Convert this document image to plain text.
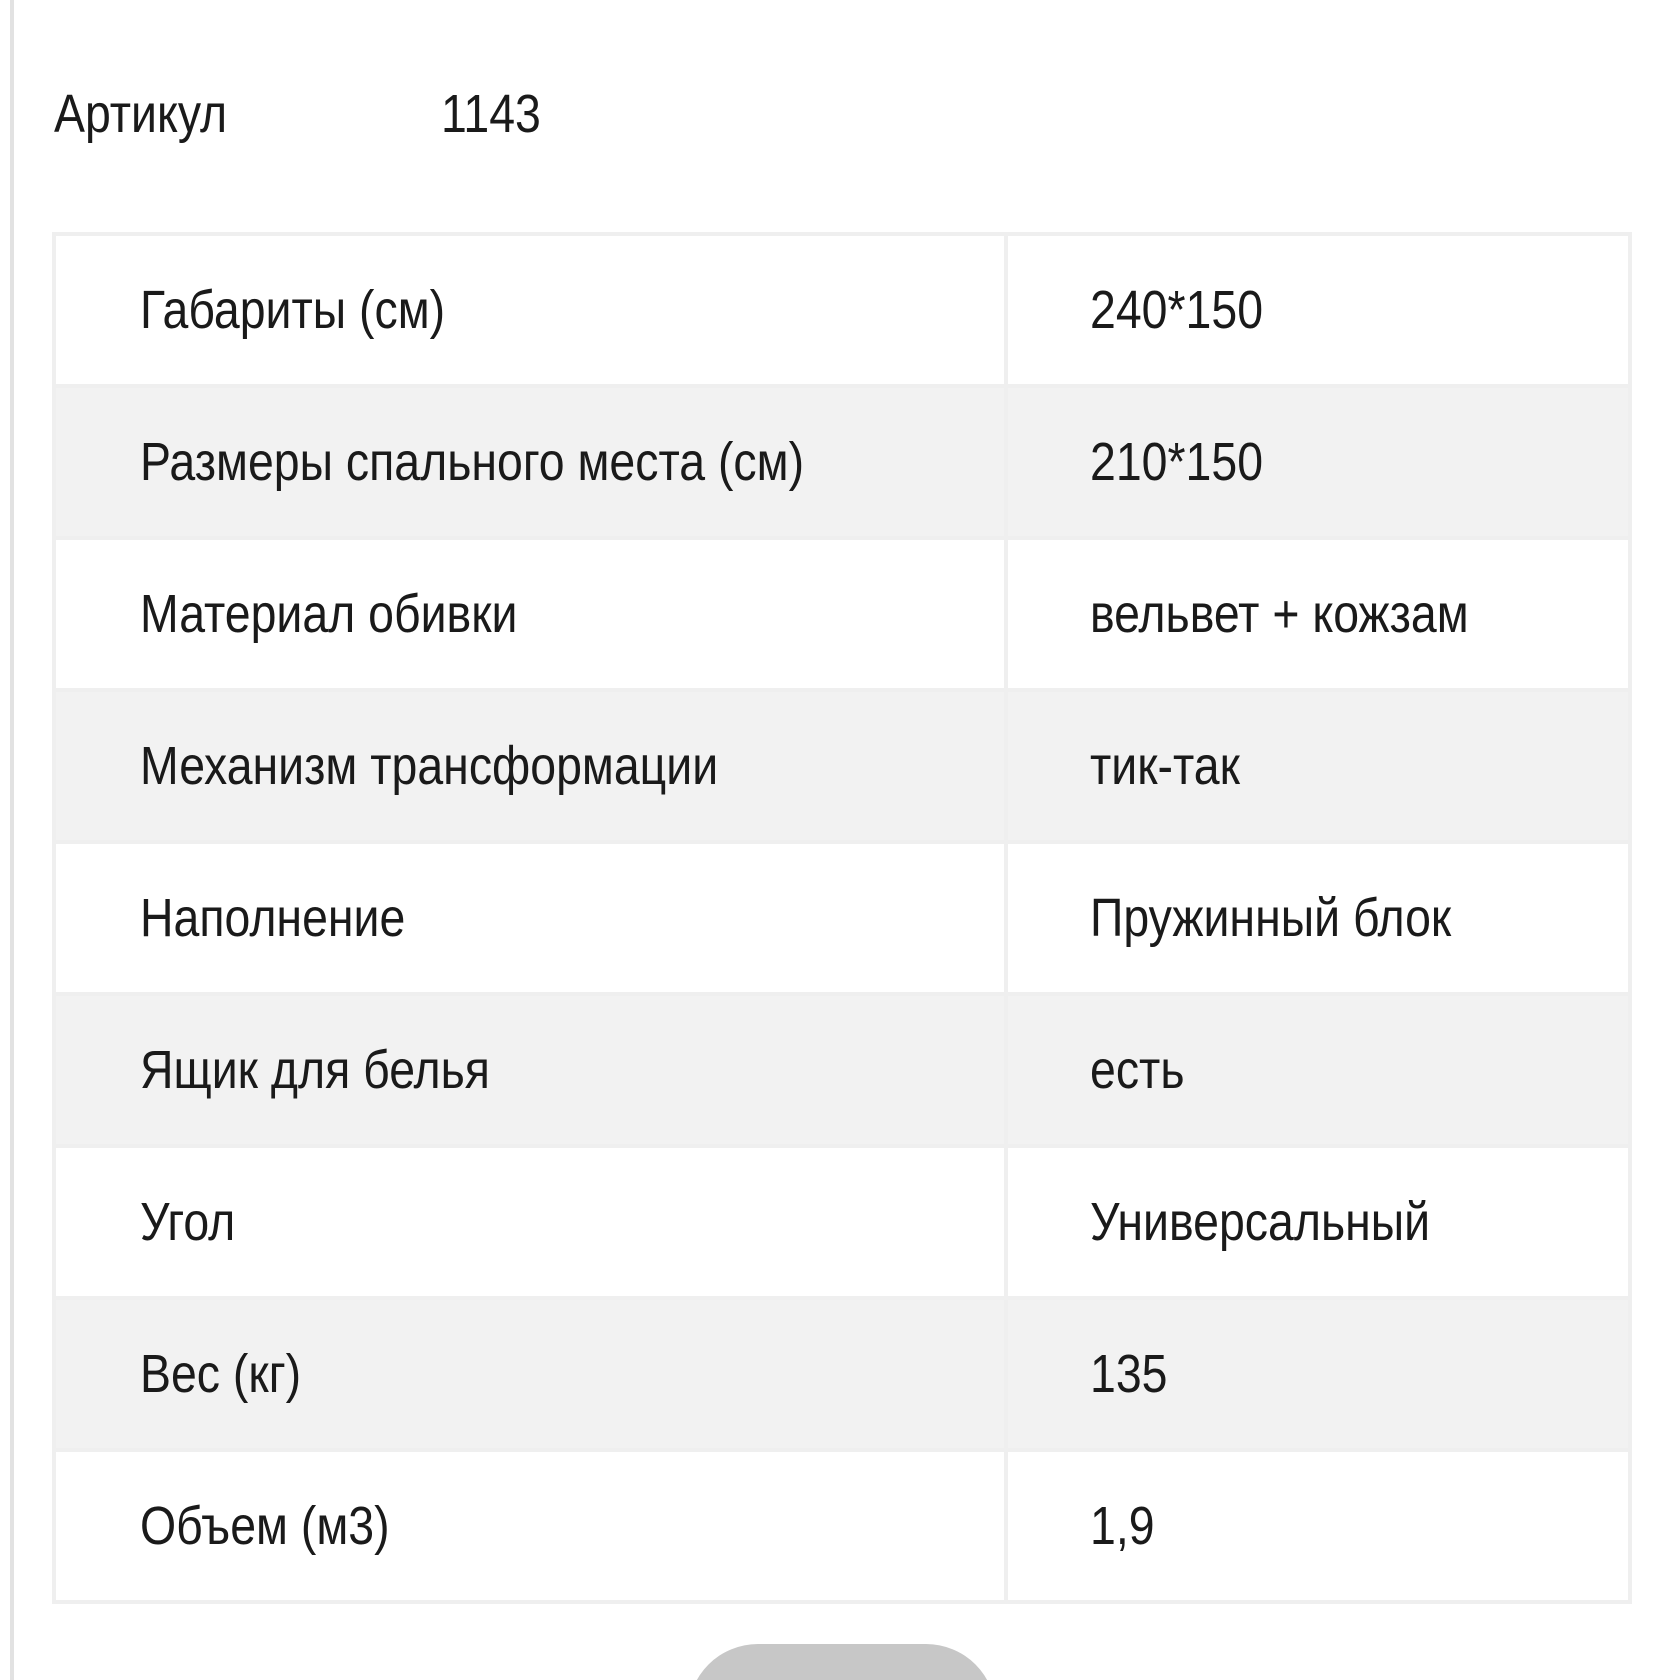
Артикул	1143
Габариты (см)	240*150
Размеры спального места (см)	210*150
Материал обивки	вельвет + кожзам
Механизм трансформации	тик-так
Наполнение	Пружинный блок
Ящик для белья	есть
Угол	Универсальный
Вес (кг)	135
Объем (м3)	1,9
